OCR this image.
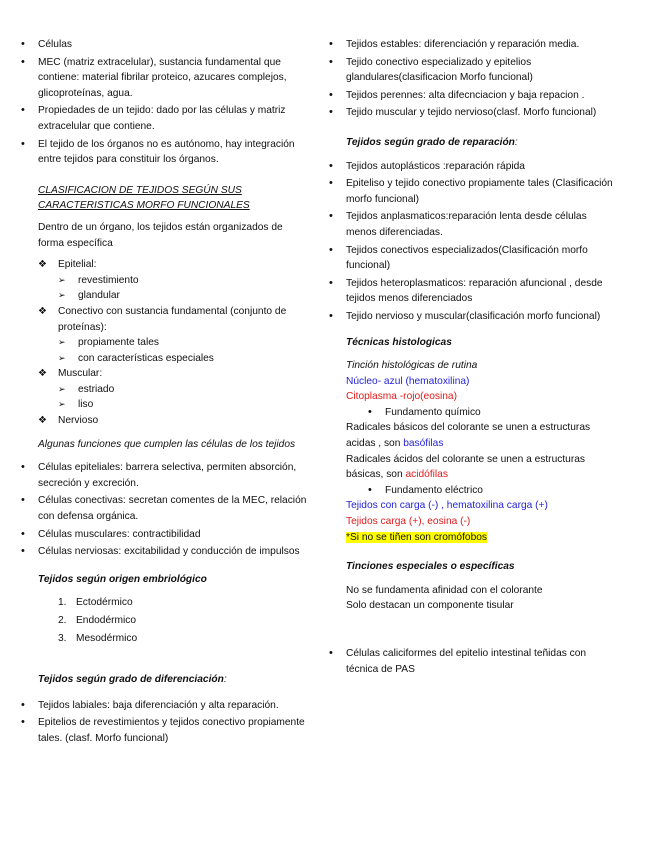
• Células
• MEC (matriz extracelular), sustancia fundamental que contiene: material fibrilar proteico, azucares complejos, glicoproteínas, agua.
• Propiedades de un tejido: dado por las células y matriz extracelular que contiene.
• El tejido de los órganos no es autónomo, hay integración entre tejidos para constituir los órganos.

CLASIFICACION DE TEJIDOS SEGÚN SUS CARACTERISTICAS MORFO FUNCIONALES

Dentro de un órgano, los tejidos están organizados de forma específica

❖ Epitelial:
➢ revestimiento
➢ glandular
❖ Conectivo con sustancia fundamental (conjunto de proteínas):
➢ propiamente tales
➢ con características especiales
❖ Muscular:
➢ estriado
➢ liso
❖ Nervioso

Algunas funciones que cumplen las células de los tejidos

• Células epiteliales: barrera selectiva, permiten absorción, secreción y excreción.
• Células conectivas: secretan comentes de la MEC, relación con defensa orgánica.
• Células musculares: contractibilidad
• Células nerviosas: excitabilidad y conducción de impulsos

Tejidos según origen embriológico

1. Ectodérmico
2. Endodérmico
3. Mesodérmico

Tejidos según grado de diferenciación:

• Tejidos labiales: baja diferenciación y alta reparación.
• Epitelios de revestimientos y tejidos conectivo propiamente tales. (clasf. Morfo funcional)
• Tejidos estables: diferenciación y reparación media.
• Tejido conectivo especializado y epitelios glandulares(clasificacion Morfo funcional)
• Tejidos perennes: alta difecnciacion y baja repacion .
• Tejido muscular y tejido nervioso(clasf. Morfo funcional)

Tejidos según grado de reparación:

• Tejidos autoplásticos :reparación rápida
• Epiteliso y tejido conectivo propiamente tales (Clasificación morfo funcional)
• Tejidos anplasmaticos:reparación lenta desde células menos diferenciadas.
• Tejidos conectivos especializados(Clasificación morfo funcional)
• Tejidos heteroplasmaticos: reparación afuncional , desde tejidos menos diferenciados
• Tejido nervioso y muscular(clasificación morfo funcional)

Técnicas histologicas

Tinción histológicas de rutina

Núcleo- azul (hematoxilina)

Citoplasma -rojo(eosina)

• Fundamento químico

Radicales básicos del colorante se unen a estructuras acidas , son basófilas

Radicales ácidos del colorante se unen a estructuras básicas, son acidófilas

• Fundamento eléctrico

Tejidos con carga (-) , hematoxilina carga (+)

Tejidos carga (+), eosina (-)

*Si no se tiñen son cromófobos

Tinciones especiales o específicas

No se fundamenta afinidad con el colorante

Solo destacan un componente tisular

• Células caliciformes del epitelio intestinal teñidas con técnica de PAS
